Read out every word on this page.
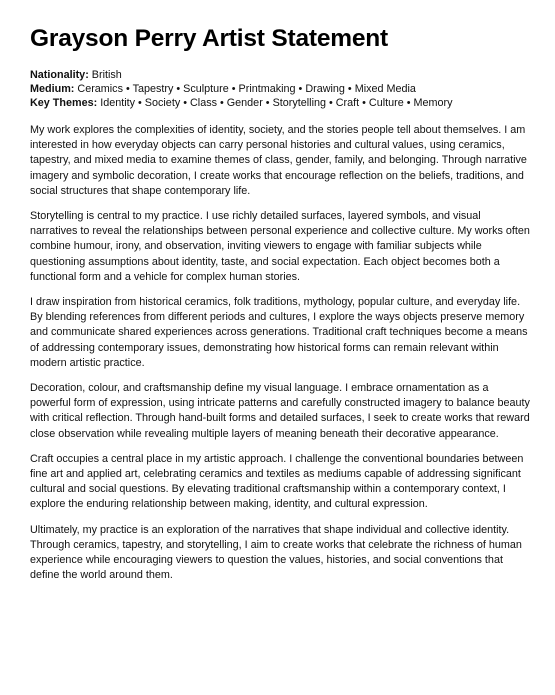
Grayson Perry Artist Statement
Nationality: British
Medium: Ceramics • Tapestry • Sculpture • Printmaking • Drawing • Mixed Media
Key Themes: Identity • Society • Class • Gender • Storytelling • Craft • Culture • Memory

My work explores the complexities of identity, society, and the stories people tell about themselves. I am interested in how everyday objects can carry personal histories and cultural values, using ceramics, tapestry, and mixed media to examine themes of class, gender, family, and belonging. Through narrative imagery and symbolic decoration, I create works that encourage reflection on the beliefs, traditions, and social structures that shape contemporary life.

Storytelling is central to my practice. I use richly detailed surfaces, layered symbols, and visual narratives to reveal the relationships between personal experience and collective culture. My works often combine humour, irony, and observation, inviting viewers to engage with familiar subjects while questioning assumptions about identity, taste, and social expectation. Each object becomes both a functional form and a vehicle for complex human stories.

I draw inspiration from historical ceramics, folk traditions, mythology, popular culture, and everyday life. By blending references from different periods and cultures, I explore the ways objects preserve memory and communicate shared experiences across generations. Traditional craft techniques become a means of addressing contemporary issues, demonstrating how historical forms can remain relevant within modern artistic practice.

Decoration, colour, and craftsmanship define my visual language. I embrace ornamentation as a powerful form of expression, using intricate patterns and carefully constructed imagery to balance beauty with critical reflection. Through hand-built forms and detailed surfaces, I seek to create works that reward close observation while revealing multiple layers of meaning beneath their decorative appearance.

Craft occupies a central place in my artistic approach. I challenge the conventional boundaries between fine art and applied art, celebrating ceramics and textiles as mediums capable of addressing significant cultural and social questions. By elevating traditional craftsmanship within a contemporary context, I explore the enduring relationship between making, identity, and cultural expression.

Ultimately, my practice is an exploration of the narratives that shape individual and collective identity. Through ceramics, tapestry, and storytelling, I aim to create works that celebrate the richness of human experience while encouraging viewers to question the values, histories, and social conventions that define the world around them.
